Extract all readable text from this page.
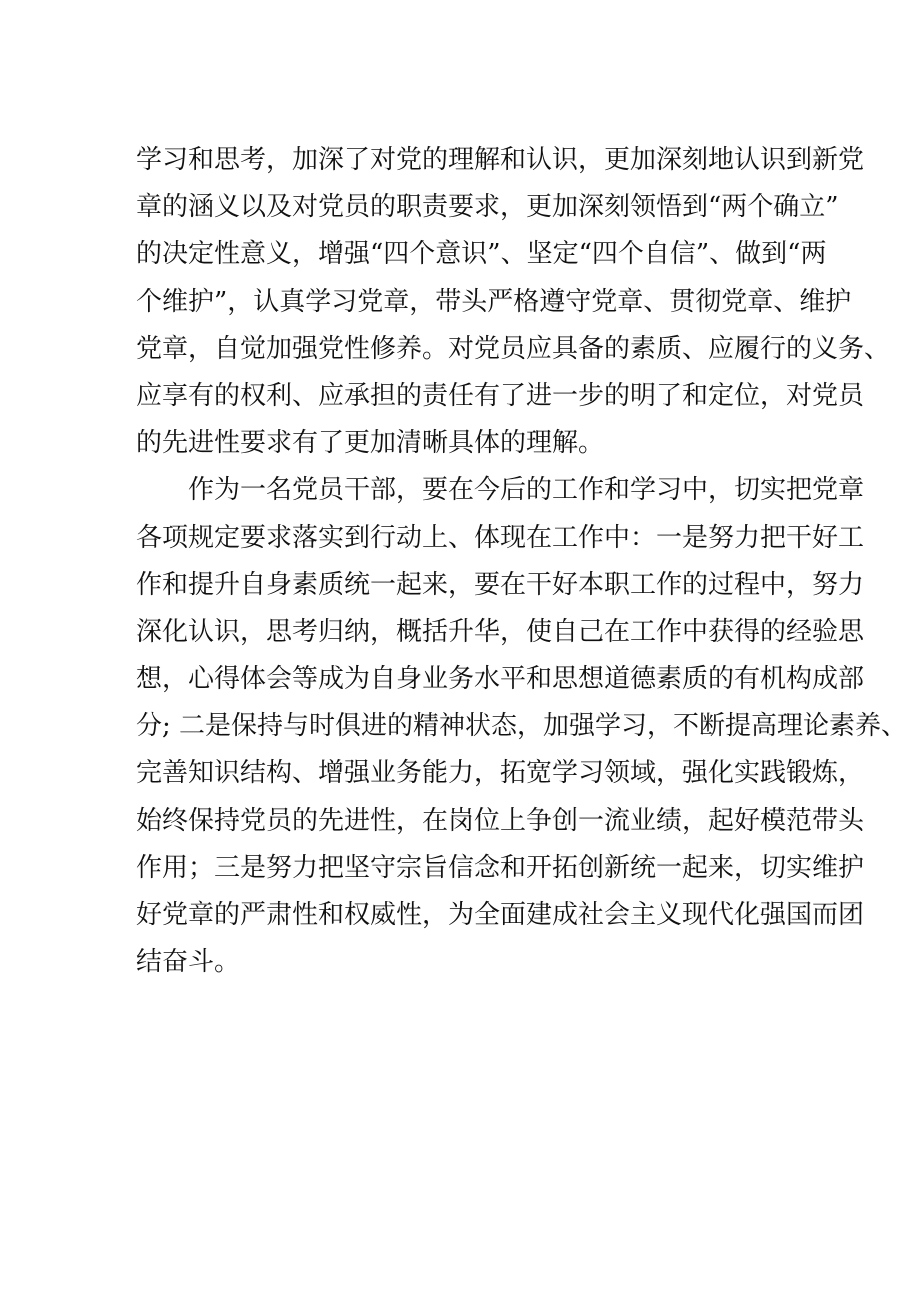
学习和思考，加深了对党的理解和认识，更加深刻地认识到新党
章的涵义以及对党员的职责要求，更加深刻领悟到“两个确立”
的决定性意义，增强“四个意识”、坚定“四个自信”、做到“两
个维护”，认真学习党章，带头严格遵守党章、贯彻党章、维护
党章，自觉加强党性修养。对党员应具备的素质、应履行的义务、
应享有的权利、应承担的责任有了进一步的明了和定位，对党员
的先进性要求有了更加清晰具体的理解。
作为一名党员干部，要在今后的工作和学习中，切实把党章
各项规定要求落实到行动上、体现在工作中：一是努力把干好工
作和提升自身素质统一起来，要在干好本职工作的过程中，努力
深化认识，思考归纳，概括升华，使自己在工作中获得的经验思
想，心得体会等成为自身业务水平和思想道德素质的有机构成部
分; 二是保持与时俱进的精神状态，加强学习，不断提高理论素养、
完善知识结构、增强业务能力，拓宽学习领域，强化实践锻炼，
始终保持党员的先进性，在岗位上争创一流业绩，起好模范带头
作用；三是努力把坚守宗旨信念和开拓创新统一起来，切实维护
好党章的严肃性和权威性，为全面建成社会主义现代化强国而团
结奋斗。
